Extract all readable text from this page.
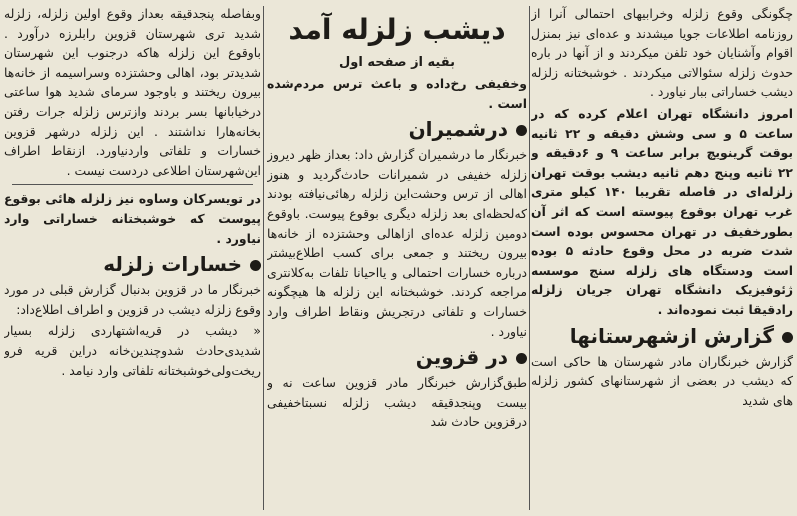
چگونگی وقوع زلزله وخرابیهای احتمالی آنرا از روزنامه اطلاعات جویا میشدند و عده‌ای نیز بمنزل اقوام وآشنایان خود تلفن میکردند و از آنها در باره حدوث زلزله سئوالاتی میکردند . خوشبختانه زلزله دیشب خساراتی ببار نیاورد .

امروز دانشگاه تهران اعلام کرده که در ساعت ۵ و سی وشش دقیقه و ۲۲ ثانیه بوقت گرینویچ برابر ساعت ۹ و ۶دقیقه و ۲۲ ثانیه وپنج دهم ثانیه دیشب بوقت تهران زلزله‌ای در فاصله تقریبا ۱۴۰ کیلو متری غرب تهران بوقوع پیوسته است که اثر آن بطورخفیف در تهران محسوس بوده است شدت ضربه در محل وقوع حادثه ۵ بوده است ودستگاه های زلزله سنج موسسه ژئوفیزیک دانشگاه تهران جریان زلزله رادقیقا ثبت نموده‌اند .

گزارش ازشهرستانها

گزارش خبرنگاران مادر شهرستان ها حاکی است که دیشب در بعضی از شهرستانهای کشور زلزله های شدید

دیشب زلزله آمد
بقیه از صفحه اول

وخفیفی رخ‌داده و باعث ترس مردم‌شده است .

درشمیران

خبرنگار ما درشمیران گزارش داد: بعداز ظهر دیروز زلزله خفیفی در شمیرانات حادث‌گردید و هنوز اهالی از ترس وحشت‌این زلزله رهائی‌نیافته بودند که‌لحظه‌ای بعد زلزله دیگری بوقوع پیوست. باوقوع دومین زلزله عده‌ای ازاهالی وحشتزده از خانه‌ها بیرون ریختند و جمعی برای کسب اطلاع‌بیشتر درباره خسارات احتمالی و یااحیانا تلفات به‌کلانتری مراجعه کردند. خوشبختانه این زلزله ها هیچگونه خسارات و تلفاتی درتجریش ونقاط اطراف وارد نیاورد .

در قزوین

طبق‌گزارش خبرنگار مادر قزوین ساعت نه و بیست وپنجدقیقه دیشب زلزله نسبتا‌خفیفی درقزوین حادث شد

وبفاصله پنجدقیقه بعداز وقوع اولین زلزله، زلزله شدید تری شهرستان قزوین رابلرزه درآورد . باوقوع این زلزله هاکه درجنوب این شهرستان شدیدتر بود، اهالی وحشتزده وسراسیمه از خانه‌ها بیرون ریختند و باوجود سرمای شدید هوا ساعتی درخیابانها بسر بردند واز‌ترس زلزله جرات رفتن بخانه‌هارا نداشتند . این زلزله درشهر قزوین خسارات و تلفاتی واردنیاورد. ازنقاط اطراف این‌شهرستان اطلاعی دردست نیست .

در تویسرکان وساوه نیز زلزله هائی بوقوع پیوست که خوشبختانه خساراتی وارد نیاورد .

خسارات زلزله

خبرنگار ما در قزوین بدنبال گزارش قبلی در مورد وقوع زلزله دیشب در قزوین و اطراف اطلاع‌داد:

« دیشب در قریه‌اشتهاردی زلزله بسیار شدیدی‌حادث شدوچندین‌خانه دراین قریه فرو ریخت‌ولی‌خوشبختانه تلفاتی وارد نیامد .
